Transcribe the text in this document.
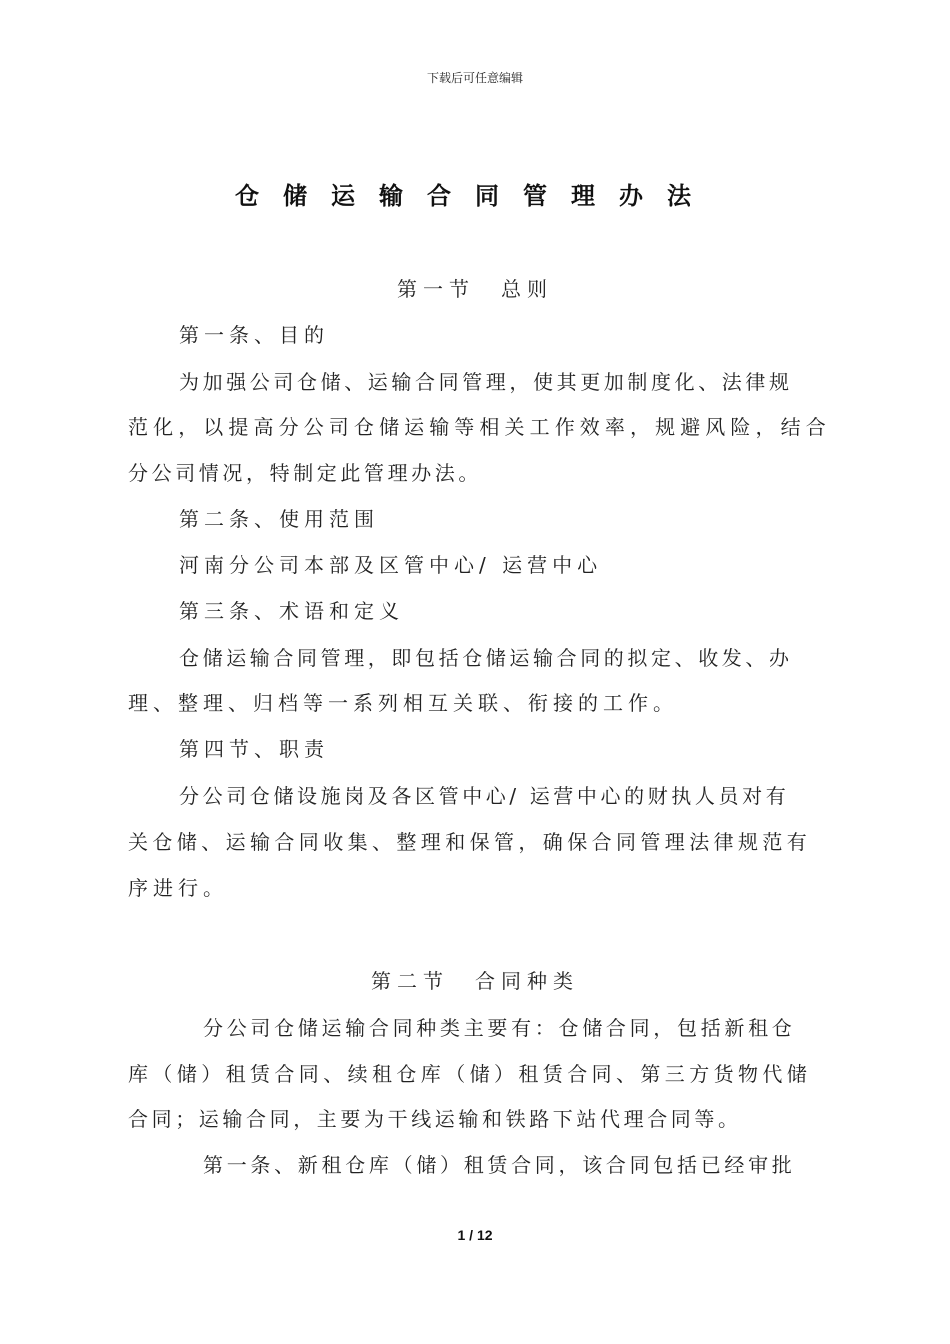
下载后可任意编辑
仓储运输合同管理办法
第一节　总则
第一条、目的
为加强公司仓储、运输合同管理，使其更加制度化、法律规
范化，以提高分公司仓储运输等相关工作效率，规避风险，结合
分公司情况，特制定此管理办法。
第二条、使用范围
河南分公司本部及区管中心/ 运营中心
第三条、术语和定义
仓储运输合同管理，即包括仓储运输合同的拟定、收发、办
理、整理、归档等一系列相互关联、衔接的工作。
第四节、职责
分公司仓储设施岗及各区管中心/ 运营中心的财执人员对有
关仓储、运输合同收集、整理和保管，确保合同管理法律规范有
序进行。
第二节　合同种类
分公司仓储运输合同种类主要有：仓储合同，包括新租仓
库（储）租赁合同、续租仓库（储）租赁合同、第三方货物代储
合同；运输合同，主要为干线运输和铁路下站代理合同等。
第一条、新租仓库（储）租赁合同，该合同包括已经审批
1 / 12
